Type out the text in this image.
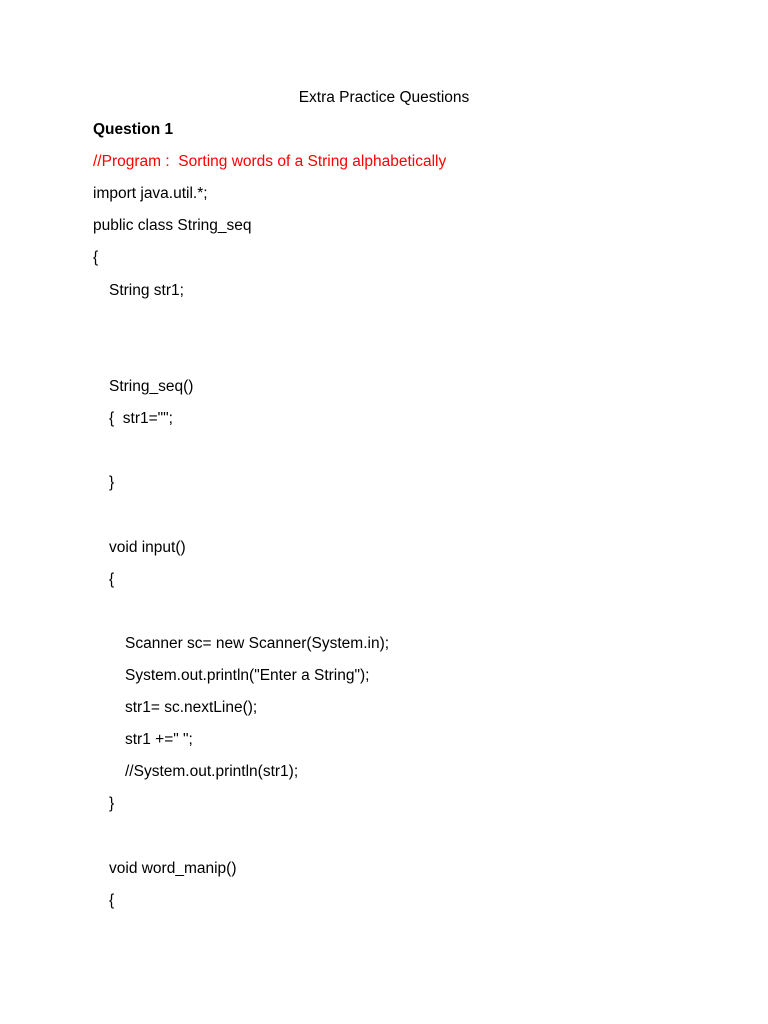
Extra Practice Questions
Question 1
//Program :  Sorting words of a String alphabetically
import java.util.*;
public class String_seq
{
String str1;
String_seq()
{  str1="";
}
void input()
{
Scanner sc= new Scanner(System.in);
System.out.println("Enter a String");
str1= sc.nextLine();
str1 +=" ";
//System.out.println(str1);
}
void word_manip()
{
